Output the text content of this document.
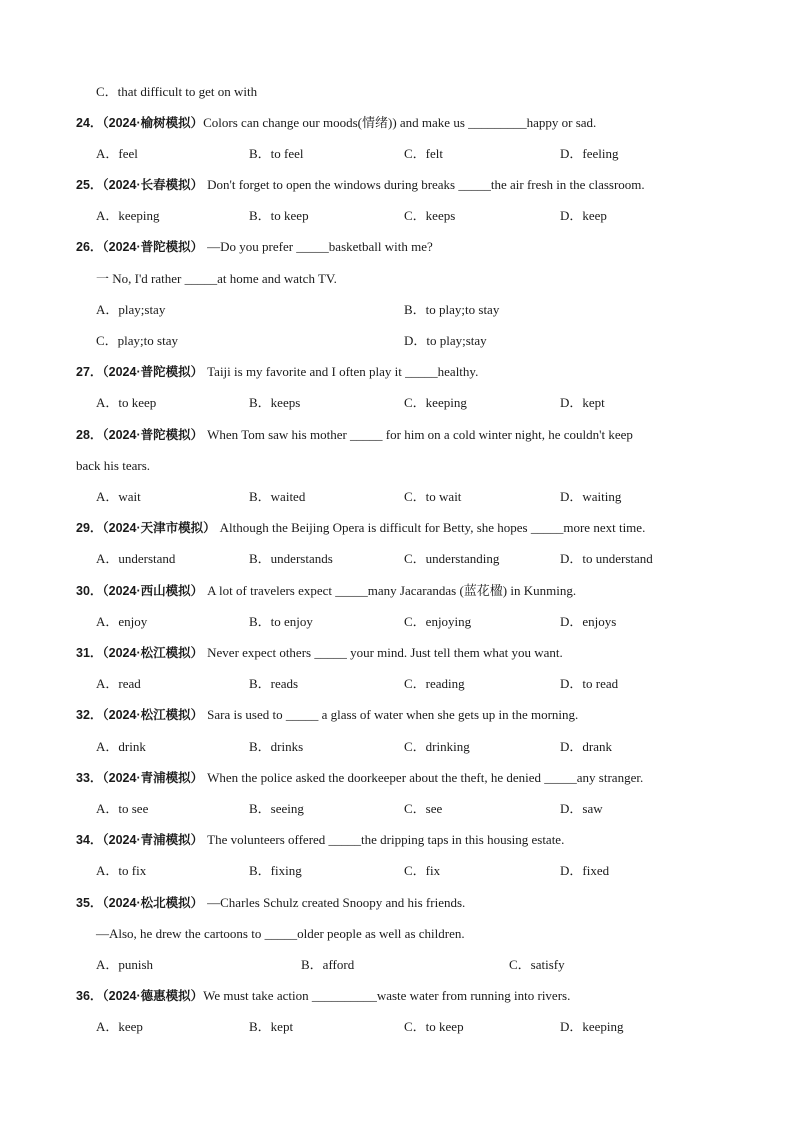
C．that difficult to get on with
24．（2024·榆树模拟）Colors can change our moods(情绪)) and make us _________happy or sad.
A．feel	B．to feel	C．felt	D．feeling
25．（2024·长春模拟） Don't forget to open the windows during breaks _____the air fresh in the classroom.
A．keeping	B．to keep	C．keeps	D．keep
26．（2024·普陀模拟） —Do you prefer _____basketball with me?
一 No, I'd rather _____at home and watch TV.
A．play;stay	B．to play;to stay
C．play;to stay	D．to play;stay
27．（2024·普陀模拟） Taiji is my favorite and I often play it _____healthy.
A．to keep	B．keeps	C．keeping	D．kept
28．（2024·普陀模拟） When Tom saw his mother _____ for him on a cold winter night, he couldn't keep
back his tears.
A．wait	B．waited	C．to wait	D．waiting
29．（2024·天津市模拟） Although the Beijing Opera is difficult for Betty, she hopes _____more next time.
A．understand	B．understands	C．understanding	D．to understand
30．（2024·西山模拟） A lot of travelers expect _____many Jacarandas (蓝花楹) in Kunming.
A．enjoy	B．to enjoy	C．enjoying	D．enjoys
31．（2024·松江模拟） Never expect others _____ your mind. Just tell them what you want.
A．read	B．reads	C．reading	D．to read
32．（2024·松江模拟） Sara is used to _____ a glass of water when she gets up in the morning.
A．drink	B．drinks	C．drinking	D．drank
33．（2024·青浦模拟） When the police asked the doorkeeper about the theft, he denied _____any stranger.
A．to see	B．seeing	C．see	D．saw
34．（2024·青浦模拟） The volunteers offered _____the dripping taps in this housing estate.
A．to fix	B．fixing	C．fix	D．fixed
35．（2024·松北模拟） —Charles Schulz created Snoopy and his friends.
—Also, he drew the cartoons to _____older people as well as children.
A．punish	B．afford	C．satisfy
36．（2024·德惠模拟）We must take action __________waste water from running into rivers.
A．keep	B．kept	C．to keep	D．keeping
